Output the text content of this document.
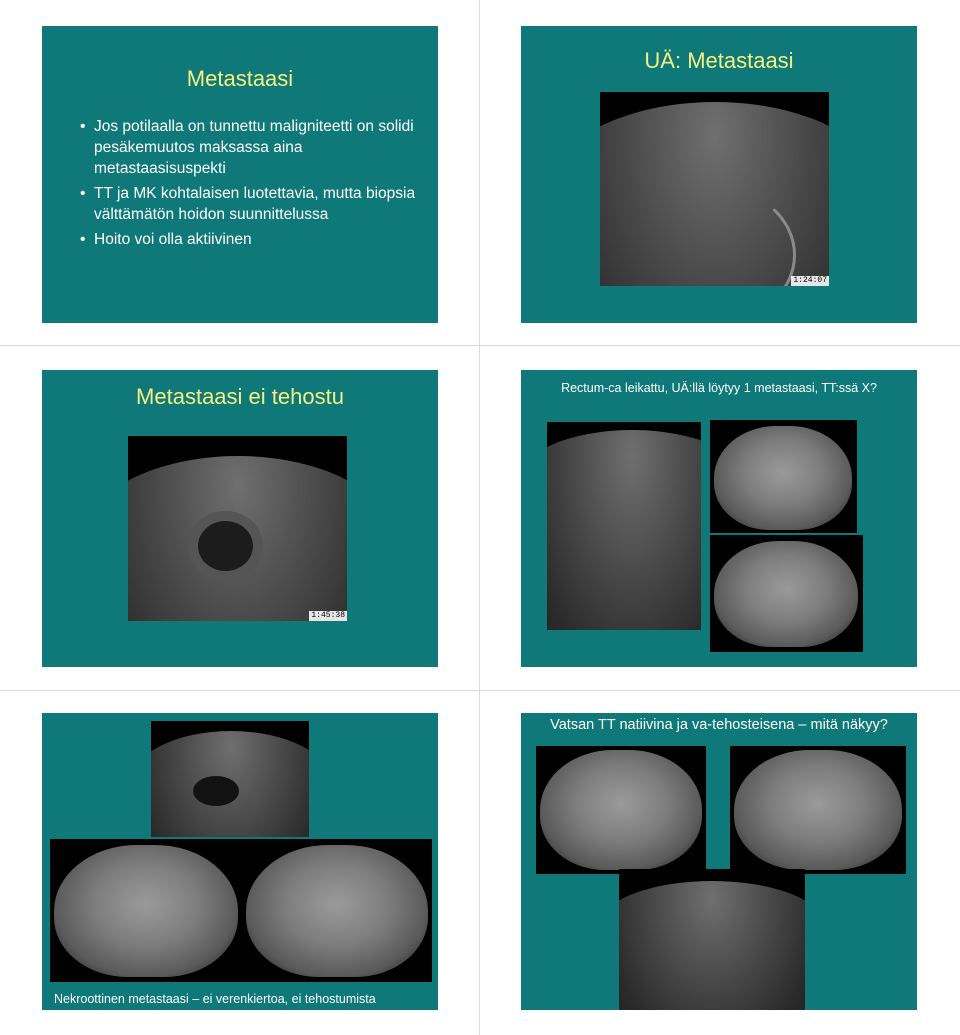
Metastaasi
• Jos potilaalla on tunnettu maligniteetti on solidi pesäkemuutos maksassa aina metastaasisuspekti
• TT ja MK kohtalaisen luotettavia, mutta biopsia välttämätön hoidon suunnittelussa
• Hoito voi olla aktiivinen
UÄ: Metastaasi
1:24:07
Metastaasi ei tehostu
1:45:38
Rectum-ca leikattu, UÄ:llä löytyy 1 metastaasi, TT:ssä X?
Nekroottinen metastaasi – ei verenkiertoa, ei tehostumista
Vatsan TT natiivina ja va-tehosteisena – mitä näkyy?
